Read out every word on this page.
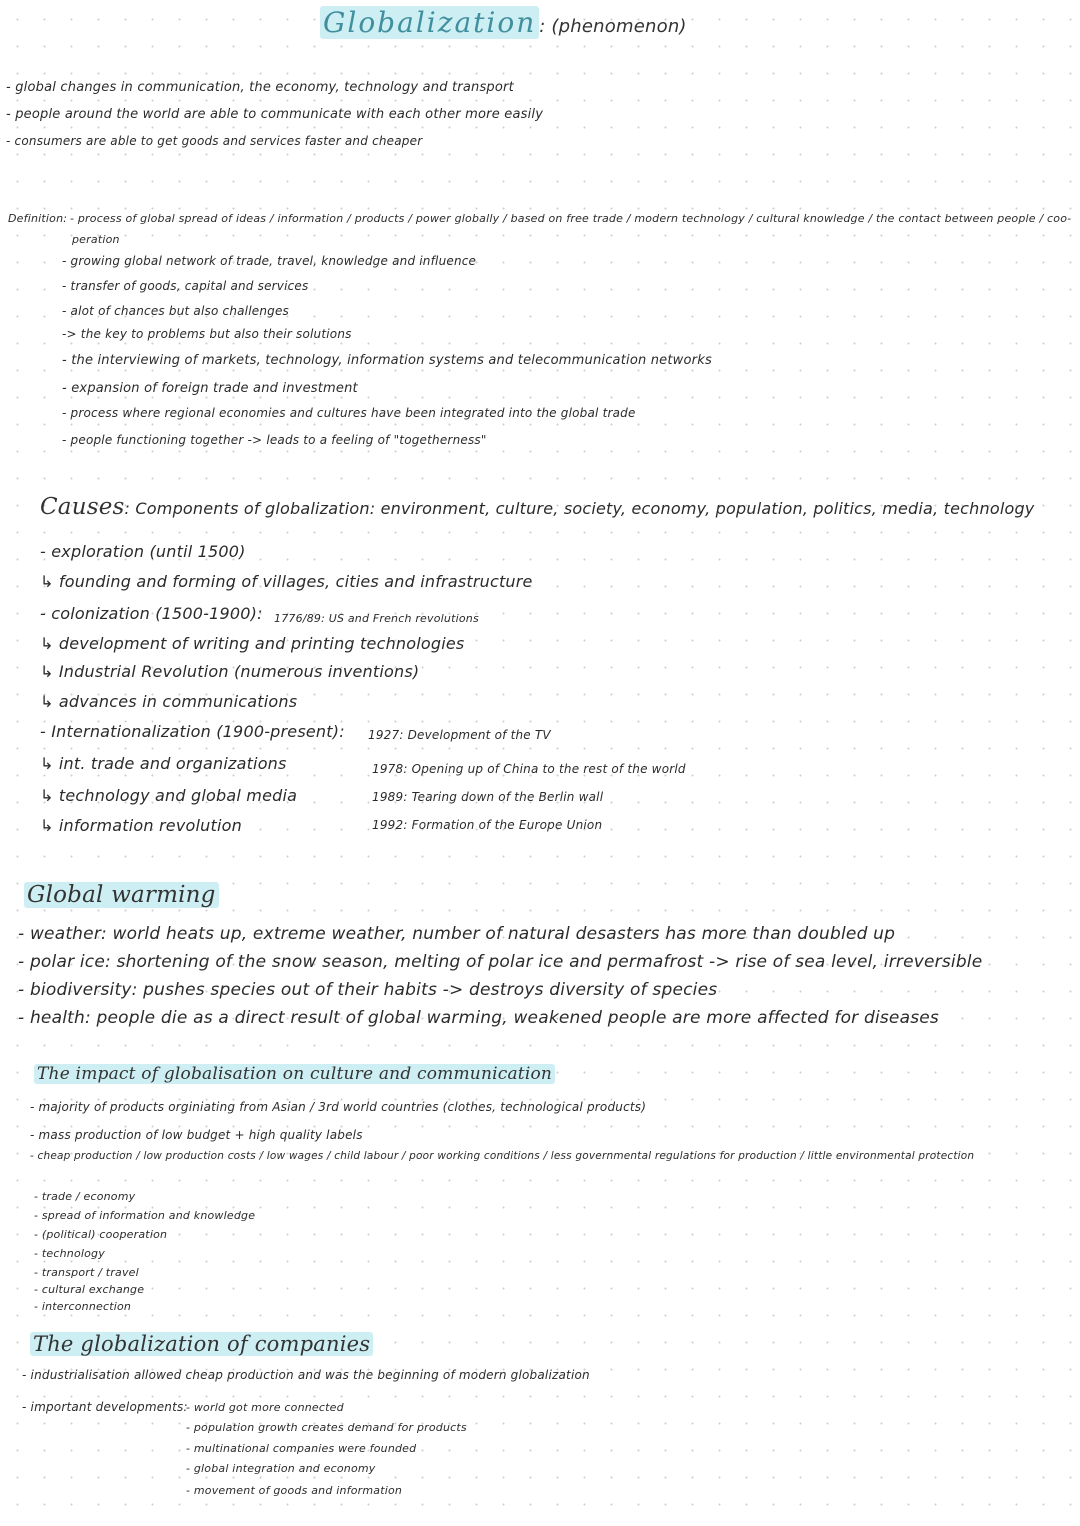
Globalization : (phenomenon)
- global changes in communication, the economy, technology and transport
- people around the world are able to communicate with each other more easily
- consumers are able to get goods and services faster and cheaper
Definition: - process of global spread of ideas / information / products / power globally / based on free trade / modern technology / cultural knowledge / the contact between people / coo-
peration
- growing global network of trade, travel, knowledge and influence
- transfer of goods, capital and services
- alot of chances but also challenges
-> the key to problems but also their solutions
- the interviewing of markets, technology, information systems and telecommunication networks
- expansion of foreign trade and investment
- process where regional economies and cultures have been integrated into the global trade
- people functioning together -> leads to a feeling of "togetherness"
Causes: Components of globalization: environment, culture, society, economy, population, politics, media, technology
- exploration (until 1500)
↳ founding and forming of villages, cities and infrastructure
- colonization (1500-1900): 1776/89: US and French revolutions
↳ development of writing and printing technologies
↳ Industrial Revolution (numerous inventions)
↳ advances in communications
- Internationalization (1900-present):
↳ int. trade and organizations
↳ technology and global media
↳ information revolution
1927: Development of the TV
1978: Opening up of China to the rest of the world
1989: Tearing down of the Berlin wall
1992: Formation of the Europe Union
Global warming
- weather: world heats up, extreme weather, number of natural desasters has more than doubled up
- polar ice: shortening of the snow season, melting of polar ice and permafrost -> rise of sea level, irreversible
- biodiversity: pushes species out of their habits -> destroys diversity of species
- health: people die as a direct result of global warming, weakened people are more affected for diseases
The impact of globalisation on culture and communication
- majority of products orginiating from Asian / 3rd world countries (clothes, technological products)
- mass production of low budget + high quality labels
- cheap production / low production costs / low wages / child labour / poor working conditions / less governmental regulations for production / little environmental protection
- trade / economy
- spread of information and knowledge
- (political) cooperation
- technology
- transport / travel
- cultural exchange
- interconnection
The globalization of companies
- industrialisation allowed cheap production and was the beginning of modern globalization
- important developments:
- world got more connected
- population growth creates demand for products
- multinational companies were founded
- global integration and economy
- movement of goods and information
